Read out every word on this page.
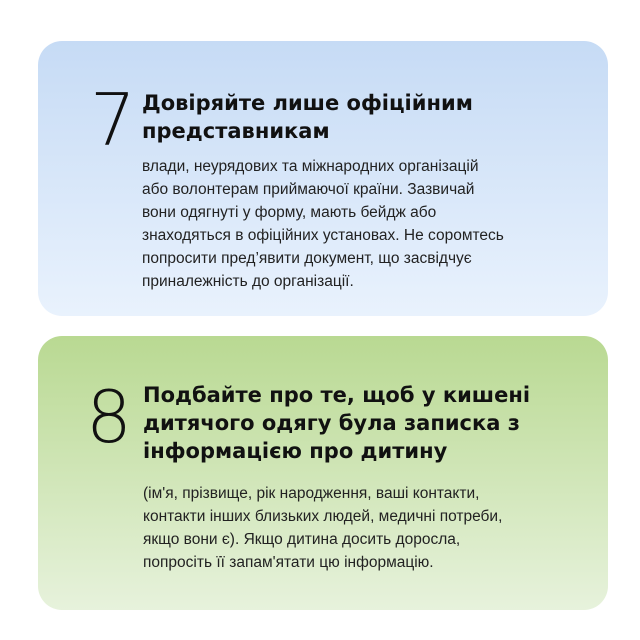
7 Довіряйте лише офіційним
представникам

влади, неурядових та міжнародних організацій
або волонтерам приймаючої країни. Зазвичай
вони одягнуті у форму, мають бейдж або
знаходяться в офіційних установах. Не соромтесь
попросити пред’явити документ, що засвідчує
приналежність до організації.

8 Подбайте про те, щоб у кишені
дитячого одягу була записка з
інформацією про дитину

(ім'я, прізвище, рік народження, ваші контакти,
контакти інших близьких людей, медичні потреби,
якщо вони є). Якщо дитина досить доросла,
попросіть її запам'ятати цю інформацію.
